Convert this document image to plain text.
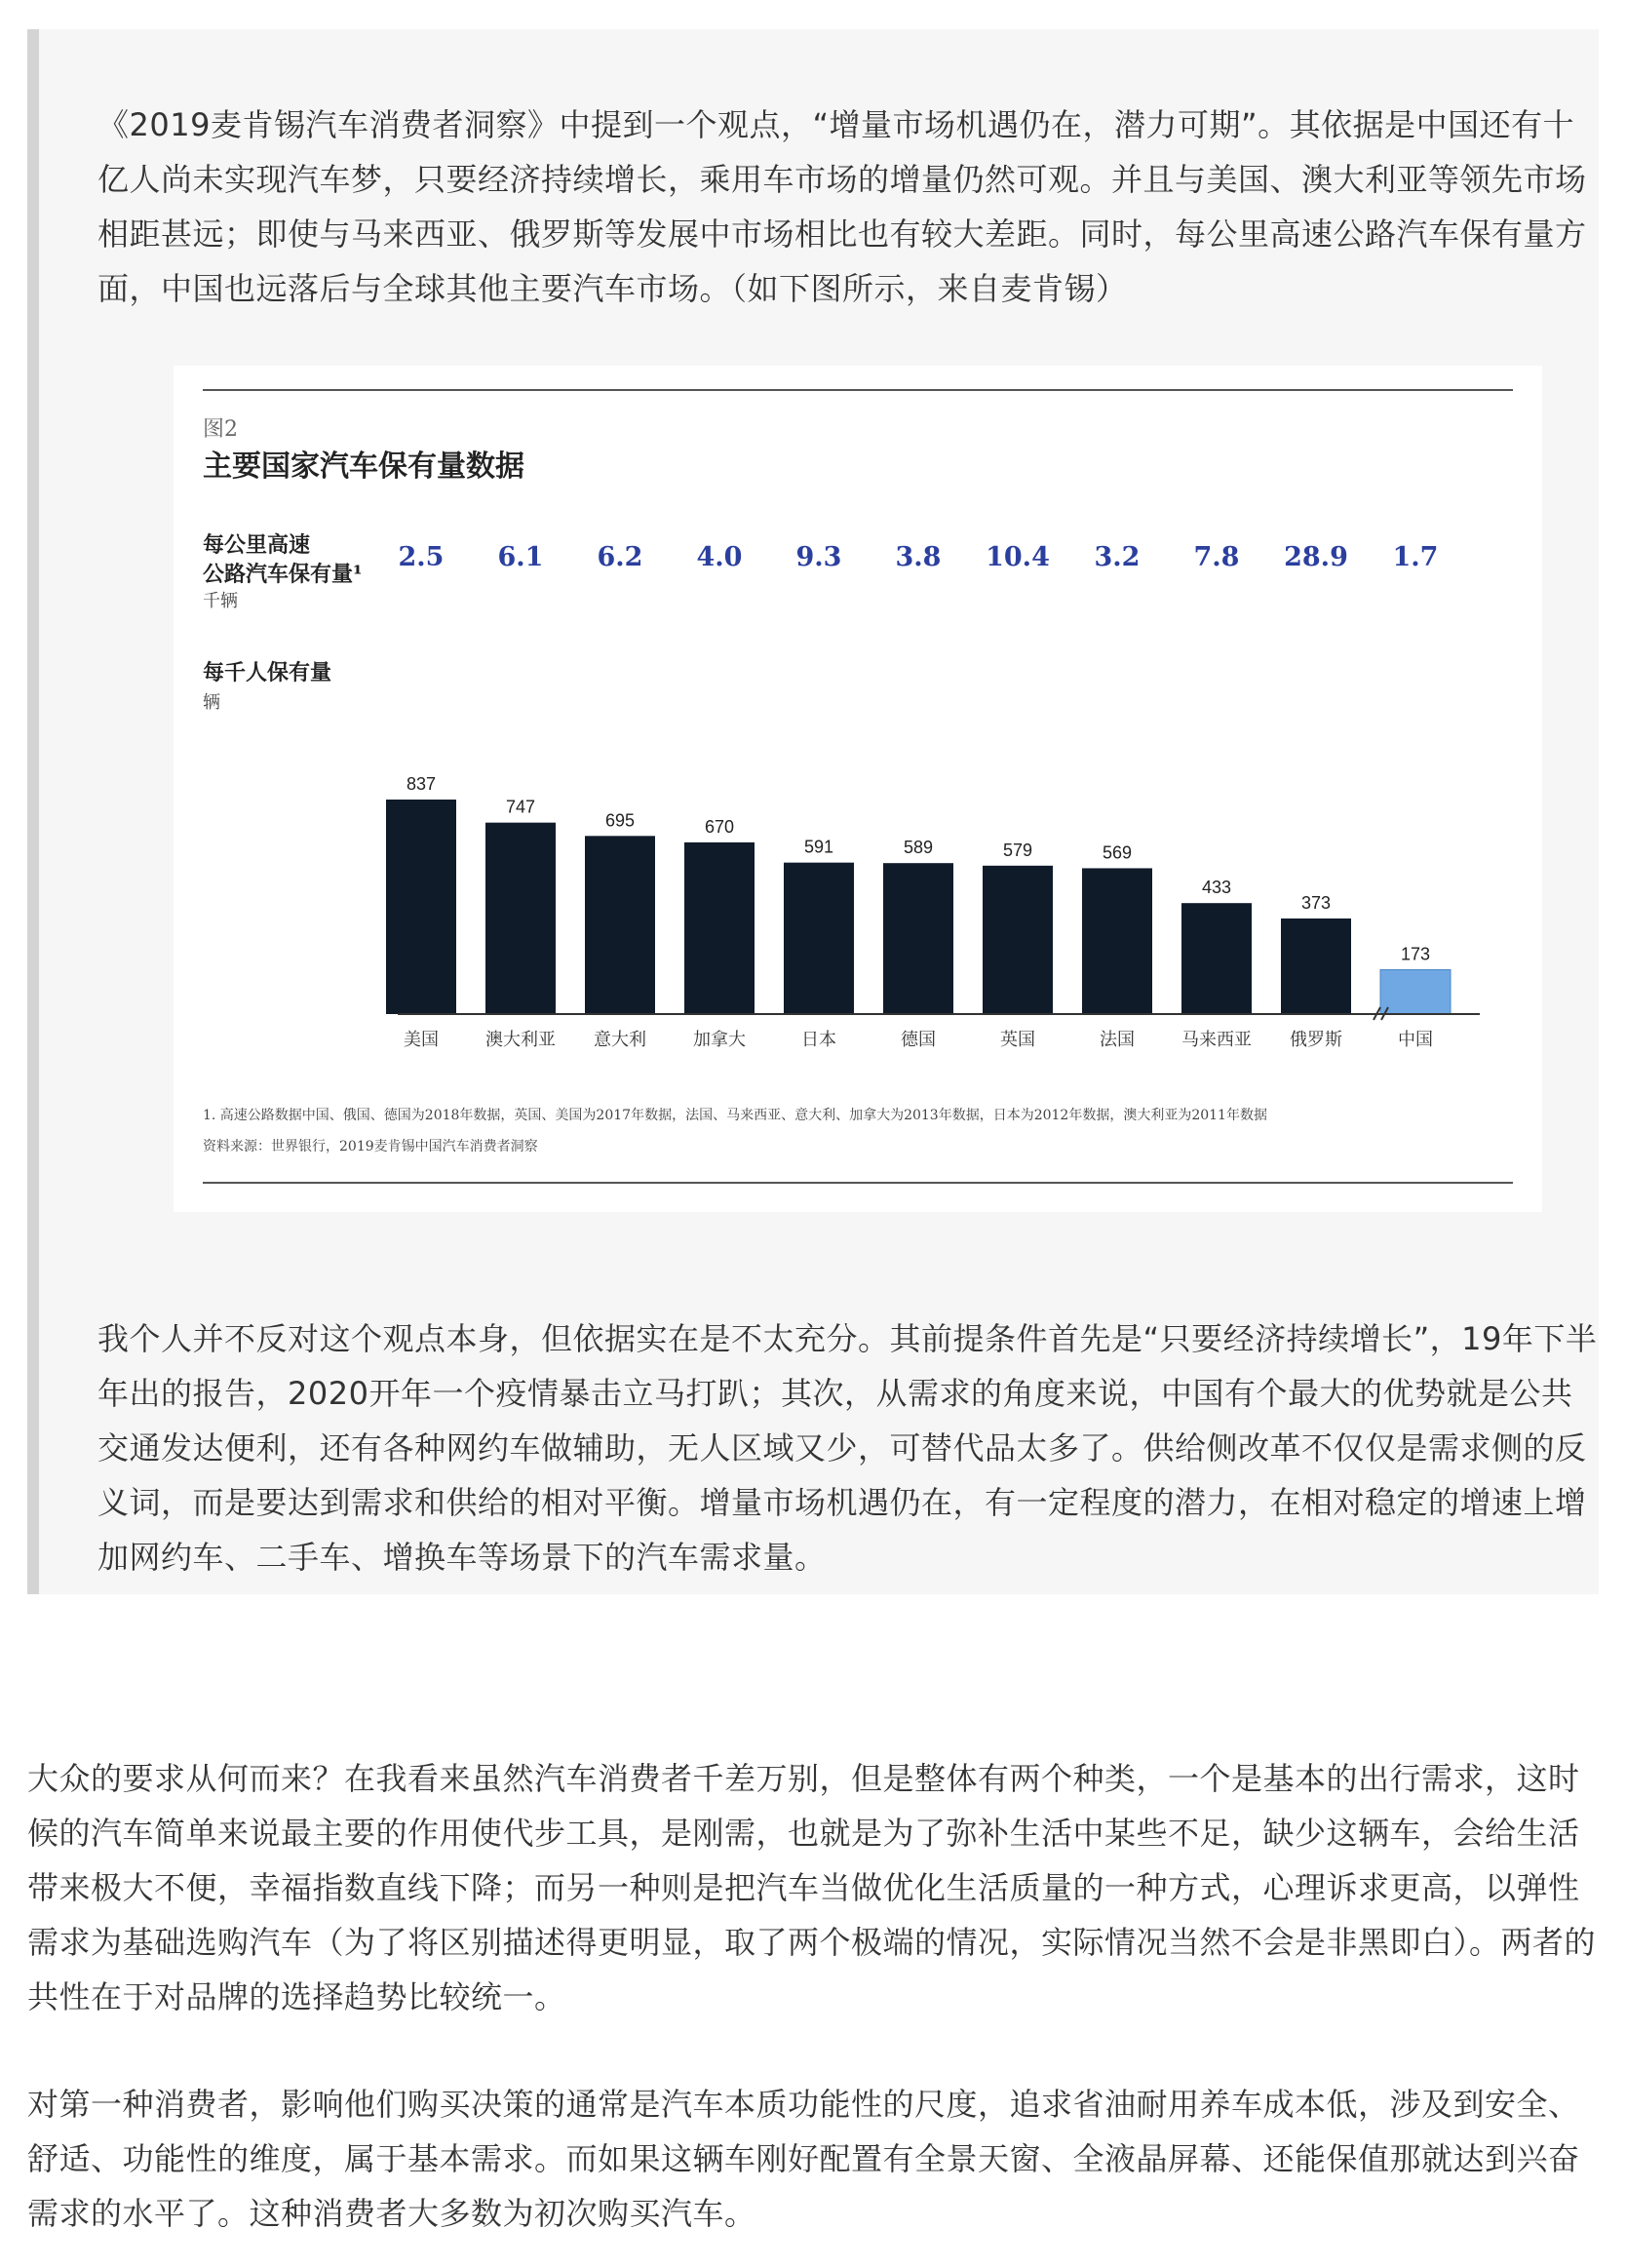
《2019麦肯锡汽车消费者洞察》中提到一个观点，“增量市场机遇仍在，潜力可期”。其依据是中国还有十亿人尚未实现汽车梦，只要经济持续增长，乘用车市场的增量仍然可观。并且与美国、澳大利亚等领先市场相距甚远；即使与马来西亚、俄罗斯等发展中市场相比也有较大差距。同时，每公里高速公路汽车保有量方面，中国也远落后与全球其他主要汽车市场。（如下图所示，来自麦肯锡）

图2
主要国家汽车保有量数据
每公里高速
公路汽车保有量¹
千辆
每千人保有量
辆
2.5 6.1 6.2 4.0 9.3 3.8 10.4 3.2 7.8 28.9 1.7
837
747
695	670
591	589	579	569
433
373
173
美国	澳大利亚 意大利	加拿大	日本	德国	英国	法国	马来西亚 俄罗斯	中国
1. 高速公路数据中国、俄国、德国为2018年数据，英国、美国为2017年数据，法国、马来西亚、意大利、加拿大为2013年数据，日本为2012年数据，澳大利亚为2011年数据
资料来源：世界银行，2019麦肯锡中国汽车消费者洞察

我个人并不反对这个观点本身，但依据实在是不太充分。其前提条件首先是“只要经济持续增长”，19年下半年出的报告，2020开年一个疫情暴击立马打趴；其次，从需求的角度来说，中国有个最大的优势就是公共交通发达便利，还有各种网约车做辅助，无人区域又少，可替代品太多了。供给侧改革不仅仅是需求侧的反义词，而是要达到需求和供给的相对平衡。增量市场机遇仍在，有一定程度的潜力，在相对稳定的增速上增加网约车、二手车、增换车等场景下的汽车需求量。

大众的要求从何而来？在我看来虽然汽车消费者千差万别，但是整体有两个种类，一个是基本的出行需求，这时候的汽车简单来说最主要的作用使代步工具，是刚需，也就是为了弥补生活中某些不足，缺少这辆车，会给生活带来极大不便，幸福指数直线下降；而另一种则是把汽车当做优化生活质量的一种方式，心理诉求更高，以弹性需求为基础选购汽车（为了将区别描述得更明显，取了两个极端的情况，实际情况当然不会是非黑即白）。两者的共性在于对品牌的选择趋势比较统一。

对第一种消费者，影响他们购买决策的通常是汽车本质功能性的尺度，追求省油耐用养车成本低，涉及到安全、舒适、功能性的维度，属于基本需求。而如果这辆车刚好配置有全景天窗、全液晶屏幕、还能保值那就达到兴奋需求的水平了。这种消费者大多数为初次购买汽车。
